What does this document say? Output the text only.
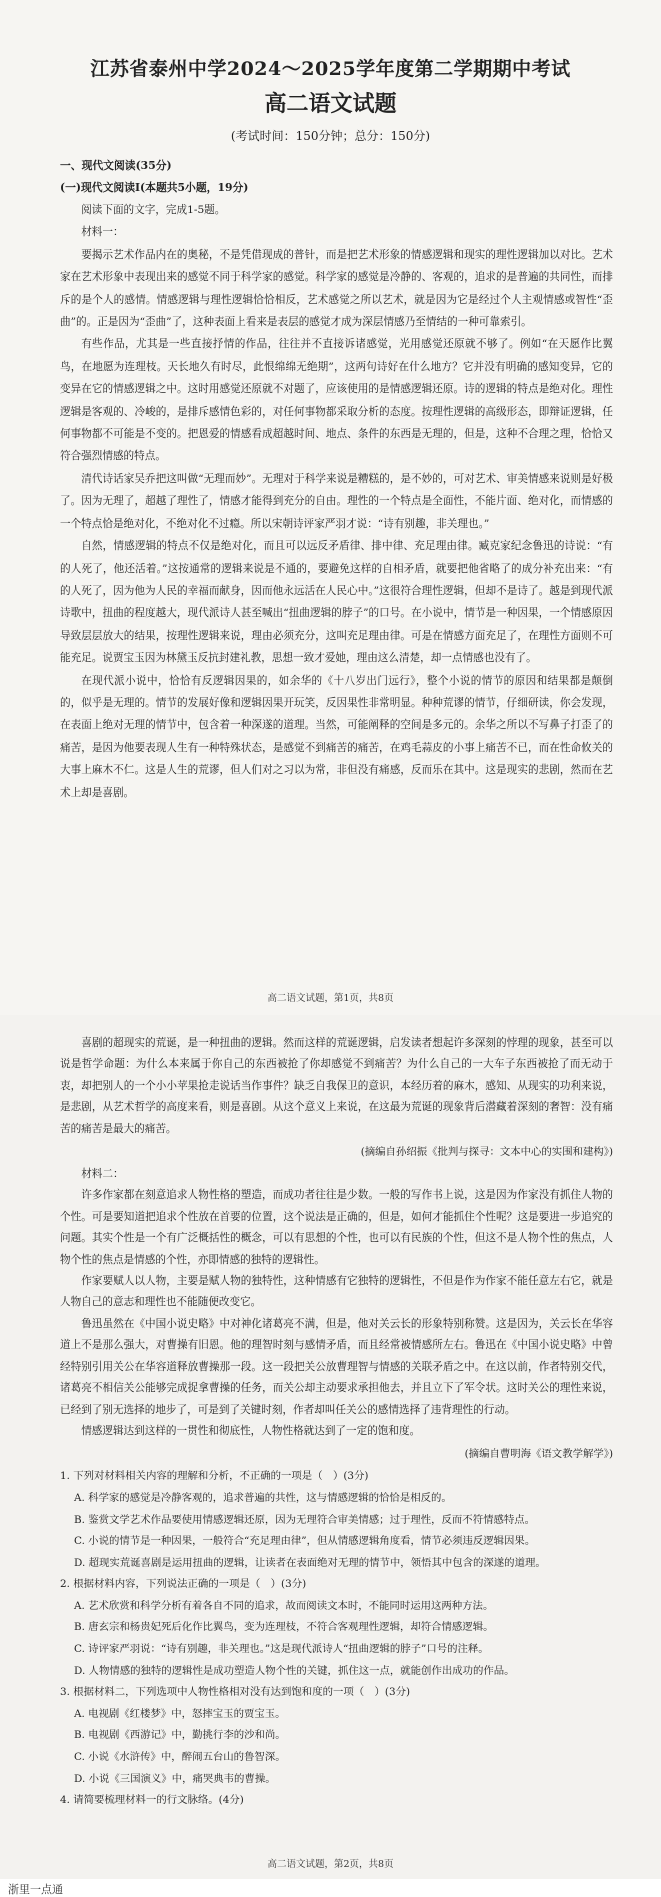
江苏省泰州中学2024～2025学年度第二学期期中考试
高二语文试题
(考试时间：150分钟；总分：150分)

一、现代文阅读(35分)

(一)现代文阅读Ⅰ(本题共5小题，19分)

阅读下面的文字，完成1-5题。

材料一：

要揭示艺术作品内在的奥秘，不是凭借现成的普针，而是把艺术形象的情感逻辑和现实的理性逻辑加以对比。艺术家在艺术形象中表现出来的感觉不同于科学家的感觉。科学家的感觉是冷静的、客观的，追求的是普遍的共同性，而排斥的是个人的感情。情感逻辑与理性逻辑恰恰相反，艺术感觉之所以艺术，就是因为它是经过个人主观情感或智性“歪曲”的。正是因为“歪曲”了，这种表面上看来是表层的感觉才成为深层情感乃至情结的一种可靠索引。

有些作品，尤其是一些直接抒情的作品，往往并不直接诉诸感觉，光用感觉还原就不够了。例如“在天愿作比翼鸟，在地愿为连理枝。天长地久有时尽，此恨绵绵无绝期”，这两句诗好在什么地方？它并没有明确的感知变异，它的变异在它的情感逻辑之中。这时用感觉还原就不对题了，应该使用的是情感逻辑还原。诗的逻辑的特点是绝对化。理性逻辑是客观的、冷峻的，是排斥感情色彩的，对任何事物都采取分析的态度。按理性逻辑的高级形态，即辩证逻辑，任何事物都不可能是不变的。把恩爱的情感看成超越时间、地点、条件的东西是无理的，但是，这种不合理之理，恰恰又符合强烈情感的特点。

清代诗话家吴乔把这叫做“无理而妙”。无理对于科学来说是糟糕的，是不妙的，可对艺术、审美情感来说则是好极了。因为无理了，超越了理性了，情感才能得到充分的自由。理性的一个特点是全面性，不能片面、绝对化，而情感的一个特点恰是绝对化，不绝对化不过瘾。所以宋朝诗评家严羽才说：“诗有别趣，非关理也。”

自然，情感逻辑的特点不仅是绝对化，而且可以远反矛盾律、排中律、充足理由律。臧克家纪念鲁迅的诗说：“有的人死了，他还活着。”这按通常的逻辑来说是不通的，要避免这样的自相矛盾，就要把他省略了的成分补充出来：“有的人死了，因为他为人民的幸福而献身，因而他永远活在人民心中。”这很符合理性逻辑，但却不是诗了。越是到现代派诗歌中，扭曲的程度越大，现代派诗人甚至喊出“扭曲逻辑的脖子”的口号。在小说中，情节是一种因果，一个情感原因导致层层放大的结果，按理性逻辑来说，理由必须充分，这叫充足理由律。可是在情感方面充足了，在理性方面则不可能充足。说贾宝玉因为林黛玉反抗封建礼教，思想一致才爱她，理由这么清楚，却一点情感也没有了。

在现代派小说中，恰恰有反逻辑因果的，如余华的《十八岁出门远行》，整个小说的情节的原因和结果都是颠倒的，似乎是无理的。情节的发展好像和逻辑因果开玩笑，反因果性非常明显。种种荒谬的情节，仔细研读，你会发现，在表面上绝对无理的情节中，包含着一种深遂的道理。当然，可能阐释的空间是多元的。余华之所以不写鼻子打歪了的痛苦，是因为他要表现人生有一种特殊状态，是感觉不到痛苦的痛苦，在鸡毛蒜皮的小事上痛苦不已，而在性命攸关的大事上麻木不仁。这是人生的荒谬，但人们对之习以为常，非但没有痛感，反而乐在其中。这是现实的悲剧，然而在艺术上却是喜剧。

高二语文试题，第1页，共8页

喜剧的超现实的荒诞，是一种扭曲的逻辑。然而这样的荒诞逻辑，启发读者想起许多深刻的悖理的现象，甚至可以说是哲学命题：为什么本来属于你自己的东西被抢了你却感觉不到痛苦？为什么自己的一大车子东西被抢了而无动于衷，却把别人的一个小小苹果抢走说话当作事件？缺乏自我保卫的意识，本经历着的麻木，感知、从现实的功利来说，是悲剧，从艺术哲学的高度来看，则是喜剧。从这个意义上来说，在这最为荒诞的现象背后潜藏着深刻的奢智：没有痛苦的痛苦是最大的痛苦。

(摘编自孙绍振《批判与探寻：文本中心的实围和建构》)

材料二：

许多作家都在刻意追求人物性格的塑造，而成功者往往是少数。一般的写作书上说，这是因为作家没有抓住人物的个性。可是要知道把追求个性放在首要的位置，这个说法是正确的，但是，如何才能抓住个性呢？这是要进一步追究的问题。其实个性是一个有广泛概括性的概念，可以有思想的个性，也可以有民族的个性，但这不是人物个性的焦点，人物个性的焦点是情感的个性，亦即情感的独特的逻辑性。

作家要赋人以人物，主要是赋人物的独特性，这种情感有它独特的逻辑性，不但是作为作家不能任意左右它，就是人物自己的意志和理性也不能随便改变它。

鲁迅虽然在《中国小说史略》中对神化诸葛亮不满，但是，他对关云长的形象特别称赞。这是因为，关云长在华容道上不是那么强大，对曹操有旧恩。他的理智时刻与感情矛盾，而且经常被情感所左右。鲁迅在《中国小说史略》中曾经特别引用关公在华容道释放曹操那一段。这一段把关公放曹理智与情感的关联矛盾之中。在这以前，作者特别交代，诸葛亮不相信关公能够完成捉拿曹操的任务，而关公却主动要求承担他去，并且立下了军令状。这时关公的理性来说，已经到了别无选择的地步了，可是到了关键时刻，作者却叫任关公的感情选择了违背理性的行动。

情感逻辑达到这样的一贯性和彻底性，人物性格就达到了一定的饱和度。

(摘编自曹明海《语文教学解学》)

1. 下列对材料相关内容的理解和分析，不正确的一项是（　）(3分)

A. 科学家的感觉是冷静客观的，追求普遍的共性，这与情感逻辑的恰恰是相反的。

B. 鉴赏文学艺术作品要使用情感逻辑还原，因为无理符合审美情感；过于理性，反而不符情感特点。

C. 小说的情节是一种因果，一般符合“充足理由律”，但从情感逻辑角度看，情节必须违反逻辑因果。

D. 超现实荒诞喜剧是运用扭曲的逻辑，让读者在表面绝对无理的情节中，领悟其中包含的深遂的道理。

2. 根据材料内容，下列说法正确的一项是（　）(3分)

A. 艺术欣赏和科学分析有着各自不同的追求，故而阅读文本时，不能同时运用这两种方法。

B. 唐玄宗和杨贵妃死后化作比翼鸟，变为连理枝，不符合客观理性逻辑，却符合情感逻辑。

C. 诗评家严羽说：“诗有别趣，非关理也。”这是现代派诗人“扭曲逻辑的脖子”口号的注释。

D. 人物情感的独特的逻辑性是成功塑造人物个性的关键，抓住这一点，就能创作出成功的作品。

3. 根据材料二，下列选项中人物性格相对没有达到饱和度的一项（　）(3分)

A. 电视剧《红楼梦》中，怒摔宝玉的贾宝玉。

B. 电视剧《西游记》中，勤挑行李的沙和尚。

C. 小说《水浒传》中，醉闹五台山的鲁智深。

D. 小说《三国演义》中，痛哭典韦的曹操。

4. 请简要梳理材料一的行文脉络。(4分)

高二语文试题，第2页，共8页
浙里一点通
